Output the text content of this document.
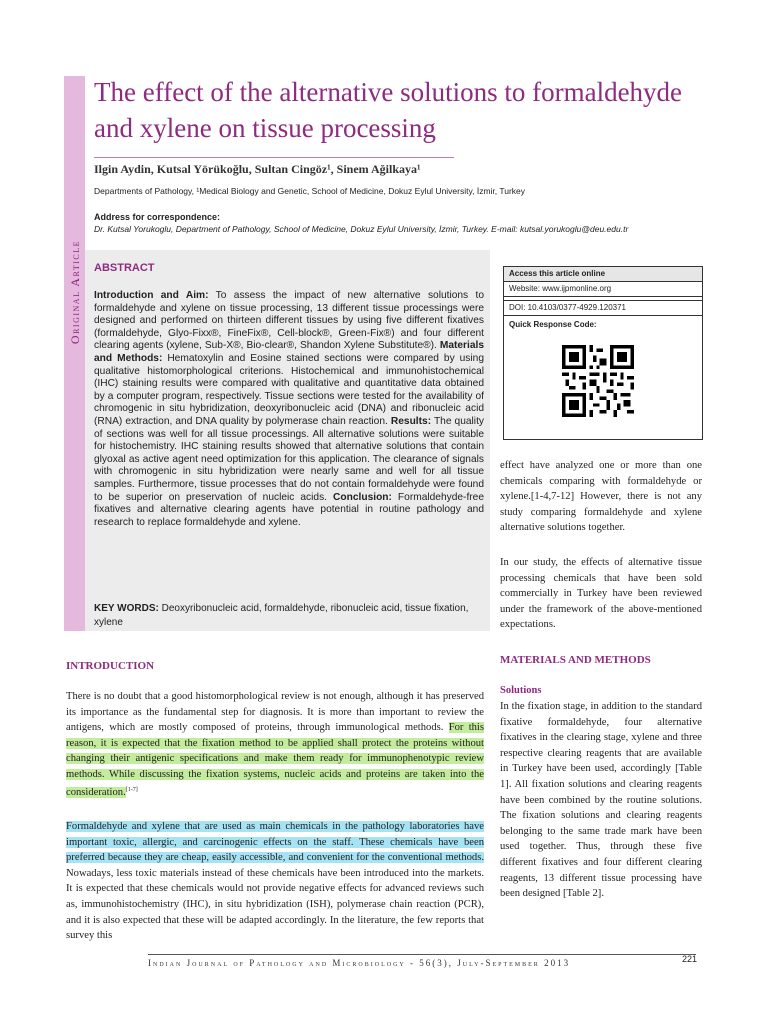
Original Article
The effect of the alternative solutions to formaldehyde and xylene on tissue processing
Ilgin Aydin, Kutsal Yörükoğlu, Sultan Cingöz¹, Sinem Ağilkaya¹
Departments of Pathology, ¹Medical Biology and Genetic, School of Medicine, Dokuz Eylul University, İzmir, Turkey
Address for correspondence:
Dr. Kutsal Yorukoglu, Department of Pathology, School of Medicine, Dokuz Eylul University, İzmir, Turkey. E-mail: kutsal.yorukoglu@deu.edu.tr
ABSTRACT

Introduction and Aim: To assess the impact of new alternative solutions to formaldehyde and xylene on tissue processing, 13 different tissue processings were designed and performed on thirteen different tissues by using five different fixatives (formaldehyde, Glyo-Fixx®, FineFix®, Cell-block®, Green-Fix®) and four different clearing agents (xylene, Sub-X®, Bio-clear®, Shandon Xylene Substitute®). Materials and Methods: Hematoxylin and Eosine stained sections were compared by using qualitative histomorphological criterions. Histochemical and immunohistochemical (IHC) staining results were compared with qualitative and quantitative data obtained by a computer program, respectively. Tissue sections were tested for the availability of chromogenic in situ hybridization, deoxyribonucleic acid (DNA) and ribonucleic acid (RNA) extraction, and DNA quality by polymerase chain reaction. Results: The quality of sections was well for all tissue processings. All alternative solutions were suitable for histochemistry. IHC staining results showed that alternative solutions that contain glyoxal as active agent need optimization for this application. The clearance of signals with chromogenic in situ hybridization were nearly same and well for all tissue samples. Furthermore, tissue processes that do not contain formaldehyde were found to be superior on preservation of nucleic acids. Conclusion: Formaldehyde-free fixatives and alternative clearing agents have potential in routine pathology and research to replace formaldehyde and xylene.

KEY WORDS: Deoxyribonucleic acid, formaldehyde, ribonucleic acid, tissue fixation, xylene

Access this article online
Website: www.ijpmonline.org
DOI: 10.4103/0377-4929.120371
Quick Response Code:

effect have analyzed one or more than one chemicals comparing with formaldehyde or xylene.[1-4,7-12] However, there is not any study comparing formaldehyde and xylene alternative solutions together.

In our study, the effects of alternative tissue processing chemicals that have been sold commercially in Turkey have been reviewed under the framework of the above-mentioned expectations.

MATERIALS AND METHODS
Solutions

In the fixation stage, in addition to the standard fixative formaldehyde, four alternative fixatives in the clearing stage, xylene and three respective clearing reagents that are available in Turkey have been used, accordingly [Table 1]. All fixation solutions and clearing reagents have been combined by the routine solutions. The fixation solutions and clearing reagents belonging to the same trade mark have been used together. Thus, through these five different fixatives and four different clearing reagents, 13 different tissue processing have been designed [Table 2].

INTRODUCTION

There is no doubt that a good histomorphological review is not enough, although it has preserved its importance as the fundamental step for diagnosis. It is more than important to review the antigens, which are mostly composed of proteins, through immunological methods. For this reason, it is expected that the fixation method to be applied shall protect the proteins without changing their antigenic specifications and make them ready for immunophenotypic review methods. While discussing the fixation systems, nucleic acids and proteins are taken into the consideration.[1-7]

Formaldehyde and xylene that are used as main chemicals in the pathology laboratories have important toxic, allergic, and carcinogenic effects on the staff. These chemicals have been preferred because they are cheap, easily accessible, and convenient for the conventional methods. Nowadays, less toxic materials instead of these chemicals have been introduced into the markets. It is expected that these chemicals would not provide negative effects for advanced reviews such as, immunohistochemistry (IHC), in situ hybridization (ISH), polymerase chain reaction (PCR), and it is also expected that these will be adapted accordingly. In the literature, the few reports that survey this

Indian Journal of Pathology and Microbiology - 56(3), July-September 2013	221
